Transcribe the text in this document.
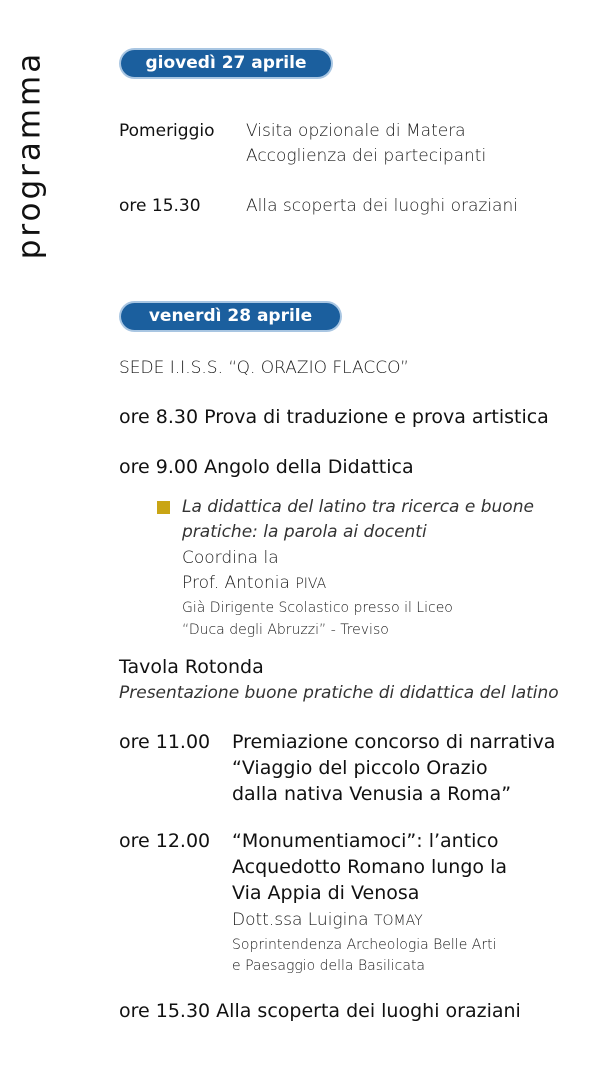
programma	giovedì 27 aprile
Pomeriggio Visita opzionale di Matera
Accoglienza dei partecipanti
ore 15.30	Alla scoperta dei luoghi oraziani
venerdì 28 aprile
SEDE I.I.S.S. “Q. ORAZIO FLACCO”
ore 8.30 Prova di traduzione e prova artistica
ore 9.00 Angolo della Didattica
La didattica del latino tra ricerca e buone
pratiche: la parola ai docenti
Coordina la
Prof. Antonia PIVA
Già Dirigente Scolastico presso il Liceo
“Duca degli Abruzzi” - Treviso
Tavola Rotonda
Presentazione buone pratiche di didattica del latino
ore 11.00 Premiazione concorso di narrativa
“Viaggio del piccolo Orazio
dalla nativa Venusia a Roma”
ore 12.00 “Monumentiamoci”: l’antico
Acquedotto Romano lungo la
Via Appia di Venosa
Dott.ssa Luigina TOMAY
Soprintendenza Archeologia Belle Arti
e Paesaggio della Basilicata
ore 15.30 Alla scoperta dei luoghi oraziani
